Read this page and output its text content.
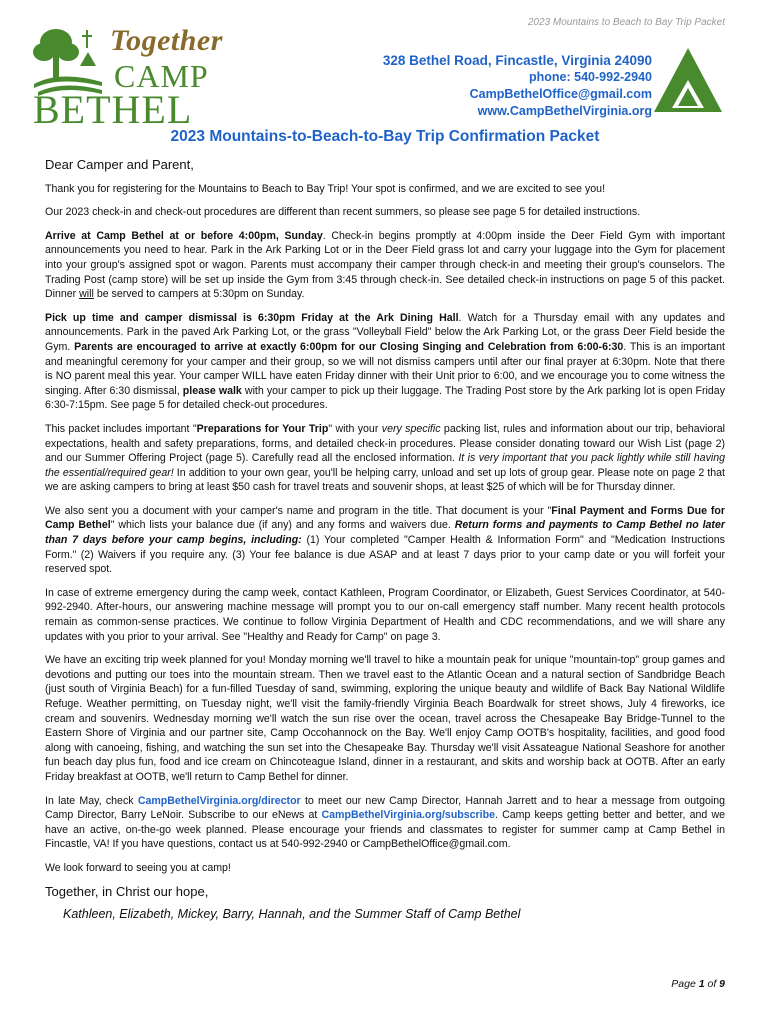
2023 Mountains to Beach to Bay Trip Packet
Together
CAMP
BETHEL
328 Bethel Road, Fincastle, Virginia 24090
phone: 540-992-2940
CampBethelOffice@gmail.com
www.CampBethelVirginia.org
2023 Mountains-to-Beach-to-Bay Trip Confirmation Packet
Dear Camper and Parent,

Thank you for registering for the Mountains to Beach to Bay Trip! Your spot is confirmed, and we are excited to see you!

Our 2023 check-in and check-out procedures are different than recent summers, so please see page 5 for detailed instructions.

Arrive at Camp Bethel at or before 4:00pm, Sunday. Check-in begins promptly at 4:00pm inside the Deer Field Gym with important announcements you need to hear. Park in the Ark Parking Lot or in the Deer Field grass lot and carry your luggage into the Gym for placement into your group's assigned spot or wagon. Parents must accompany their camper through check-in and meeting their group's counselors. The Trading Post (camp store) will be set up inside the Gym from 3:45 through check-in. See detailed check-in instructions on page 5 of this packet. Dinner will be served to campers at 5:30pm on Sunday.

Pick up time and camper dismissal is 6:30pm Friday at the Ark Dining Hall. Watch for a Thursday email with any updates and announcements. Park in the paved Ark Parking Lot, or the grass "Volleyball Field" below the Ark Parking Lot, or the grass Deer Field beside the Gym. Parents are encouraged to arrive at exactly 6:00pm for our Closing Singing and Celebration from 6:00-6:30. This is an important and meaningful ceremony for your camper and their group, so we will not dismiss campers until after our final prayer at 6:30pm. Note that there is NO parent meal this year. Your camper WILL have eaten Friday dinner with their Unit prior to 6:00, and we encourage you to come witness the singing. After 6:30 dismissal, please walk with your camper to pick up their luggage. The Trading Post store by the Ark parking lot is open Friday 6:30-7:15pm. See page 5 for detailed check-out procedures.

This packet includes important "Preparations for Your Trip" with your very specific packing list, rules and information about our trip, behavioral expectations, health and safety preparations, forms, and detailed check-in procedures. Please consider donating toward our Wish List (page 2) and our Summer Offering Project (page 5). Carefully read all the enclosed information. It is very important that you pack lightly while still having the essential/required gear! In addition to your own gear, you'll be helping carry, unload and set up lots of group gear. Please note on page 2 that we are asking campers to bring at least $50 cash for travel treats and souvenir shops, at least $25 of which will be for Thursday dinner.

We also sent you a document with your camper's name and program in the title. That document is your "Final Payment and Forms Due for Camp Bethel" which lists your balance due (if any) and any forms and waivers due. Return forms and payments to Camp Bethel no later than 7 days before your camp begins, including: (1) Your completed "Camper Health & Information Form" and "Medication Instructions Form." (2) Waivers if you require any. (3) Your fee balance is due ASAP and at least 7 days prior to your camp date or you will forfeit your reserved spot.

In case of extreme emergency during the camp week, contact Kathleen, Program Coordinator, or Elizabeth, Guest Services Coordinator, at 540-992-2940. After-hours, our answering machine message will prompt you to our on-call emergency staff number. Many recent health protocols remain as common-sense practices. We continue to follow Virginia Department of Health and CDC recommendations, and we will share any updates with you prior to your arrival. See "Healthy and Ready for Camp" on page 3.

We have an exciting trip week planned for you! Monday morning we'll travel to hike a mountain peak for unique "mountain-top" group games and devotions and putting our toes into the mountain stream. Then we travel east to the Atlantic Ocean and a natural section of Sandbridge Beach (just south of Virginia Beach) for a fun-filled Tuesday of sand, swimming, exploring the unique beauty and wildlife of Back Bay National Wildlife Refuge. Weather permitting, on Tuesday night, we'll visit the family-friendly Virginia Beach Boardwalk for street shows, July 4 fireworks, ice cream and souvenirs. Wednesday morning we'll watch the sun rise over the ocean, travel across the Chesapeake Bay Bridge-Tunnel to the Eastern Shore of Virginia and our partner site, Camp Occohannock on the Bay. We'll enjoy Camp OOTB's hospitality, facilities, and good food along with canoeing, fishing, and watching the sun set into the Chesapeake Bay. Thursday we'll visit Assateague National Seashore for another fun beach day plus fun, food and ice cream on Chincoteague Island, dinner in a restaurant, and skits and worship back at OOTB. After an early Friday breakfast at OOTB, we'll return to Camp Bethel for dinner.

In late May, check CampBethelVirginia.org/director to meet our new Camp Director, Hannah Jarrett and to hear a message from outgoing Camp Director, Barry LeNoir. Subscribe to our eNews at CampBethelVirginia.org/subscribe. Camp keeps getting better and better, and we have an active, on-the-go week planned. Please encourage your friends and classmates to register for summer camp at Camp Bethel in Fincastle, VA! If you have questions, contact us at 540-992-2940 or CampBethelOffice@gmail.com.

We look forward to seeing you at camp!

Together, in Christ our hope,
Kathleen, Elizabeth, Mickey, Barry, Hannah, and the Summer Staff of Camp Bethel
Page 1 of 9
